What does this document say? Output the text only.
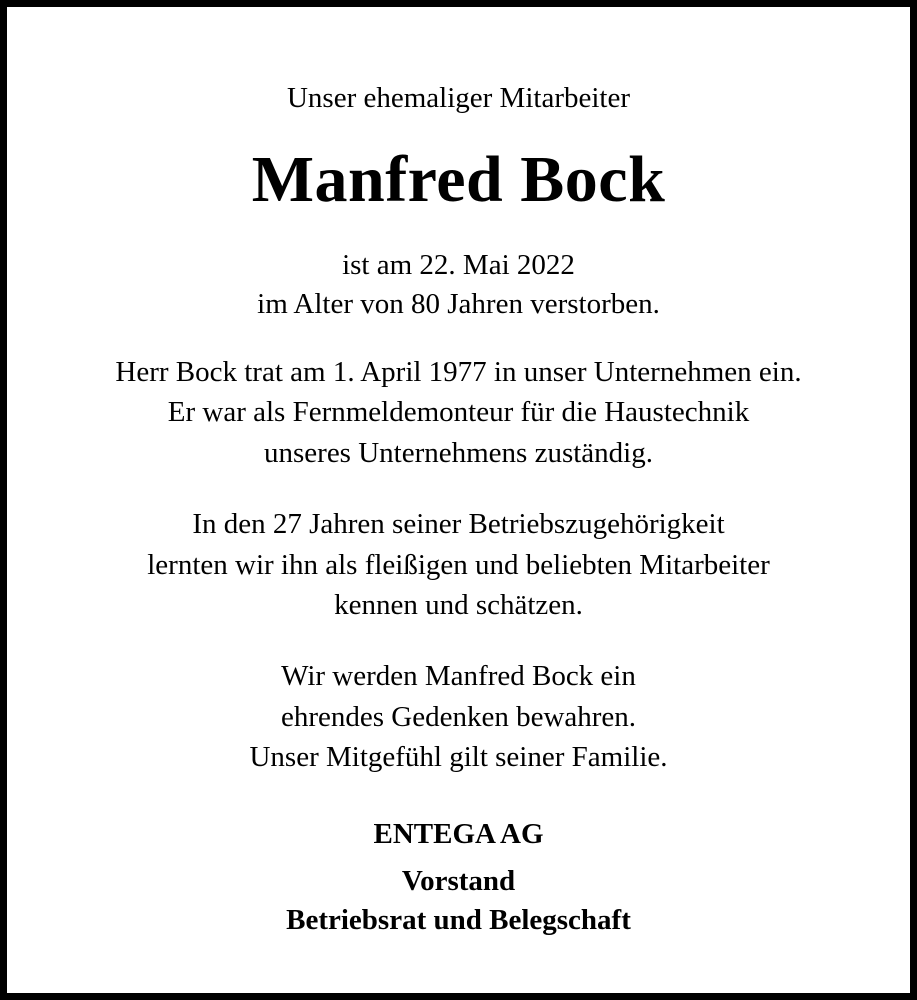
Unser ehemaliger Mitarbeiter

Manfred Bock

ist am 22. Mai 2022

im Alter von 80 Jahren verstorben.

Herr Bock trat am 1. April 1977 in unser Unternehmen ein.

Er war als Fernmeldemonteur für die Haustechnik

unseres Unternehmens zuständig.

In den 27 Jahren seiner Betriebszugehörigkeit

lernten wir ihn als fleißigen und beliebten Mitarbeiter

kennen und schätzen.

Wir werden Manfred Bock ein

ehrendes Gedenken bewahren.

Unser Mitgefühl gilt seiner Familie.

ENTEGA AG

Vorstand

Betriebsrat und Belegschaft
